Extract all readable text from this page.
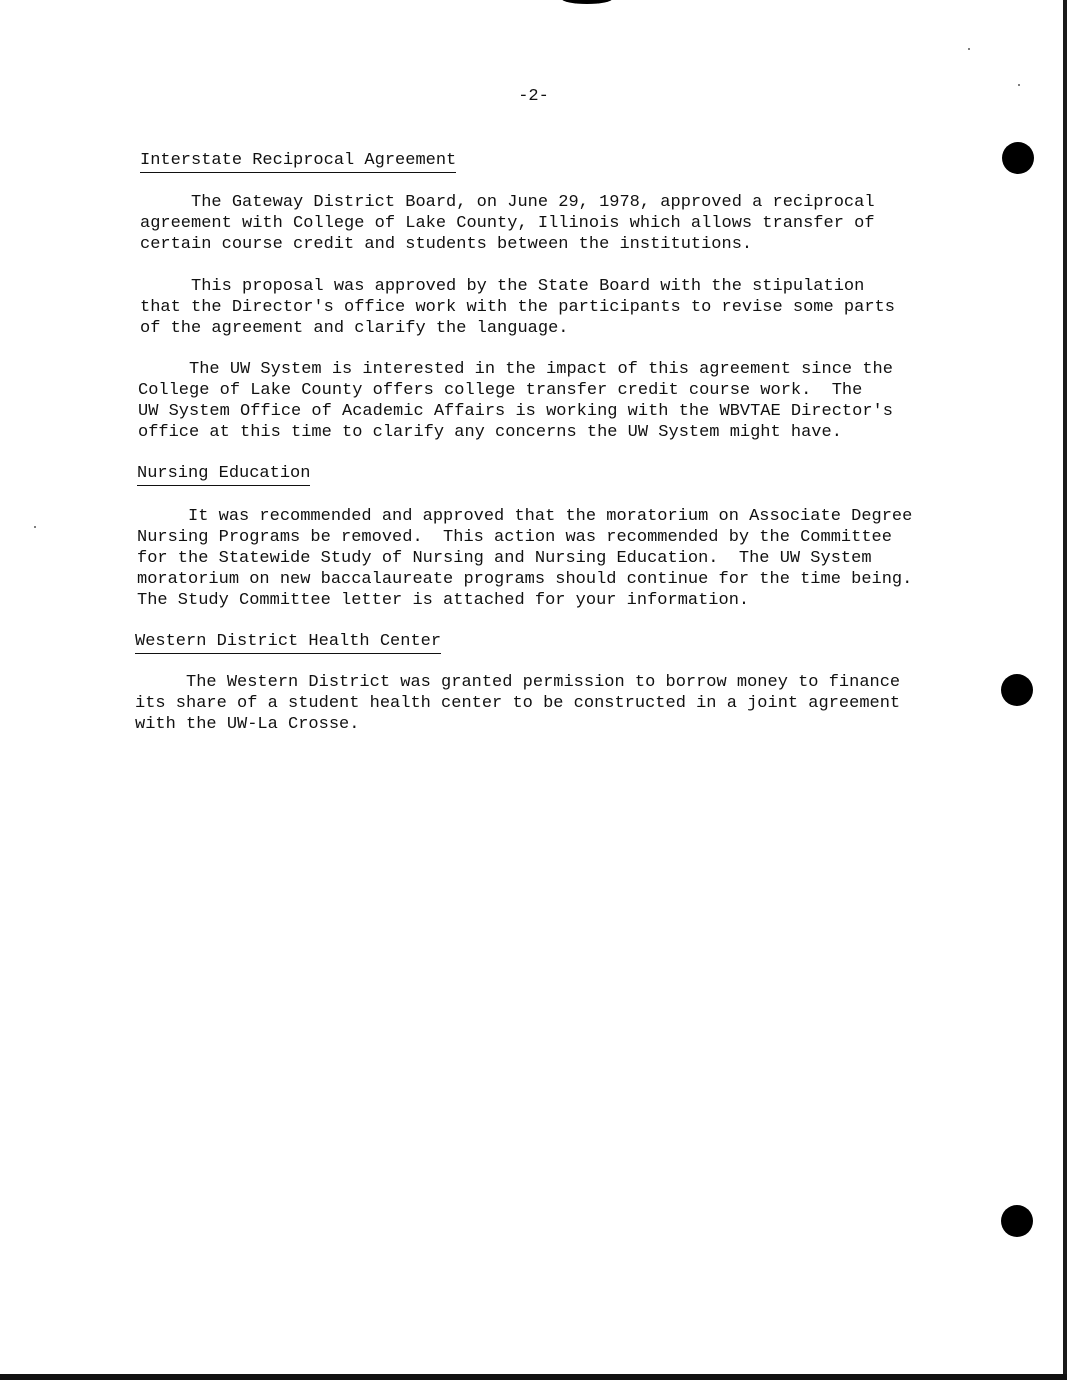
-2-
Interstate Reciprocal Agreement

The Gateway District Board, on June 29, 1978, approved a reciprocal
agreement with College of Lake County, Illinois which allows transfer of
certain course credit and students between the institutions.

This proposal was approved by the State Board with the stipulation
that the Director's office work with the participants to revise some parts
of the agreement and clarify the language.

The UW System is interested in the impact of this agreement since the
College of Lake County offers college transfer credit course work.  The
UW System Office of Academic Affairs is working with the WBVTAE Director's
office at this time to clarify any concerns the UW System might have.

Nursing Education

It was recommended and approved that the moratorium on Associate Degree
Nursing Programs be removed.  This action was recommended by the Committee
for the Statewide Study of Nursing and Nursing Education.  The UW System
moratorium on new baccalaureate programs should continue for the time being.
The Study Committee letter is attached for your information.

Western District Health Center

The Western District was granted permission to borrow money to finance
its share of a student health center to be constructed in a joint agreement
with the UW-La Crosse.
